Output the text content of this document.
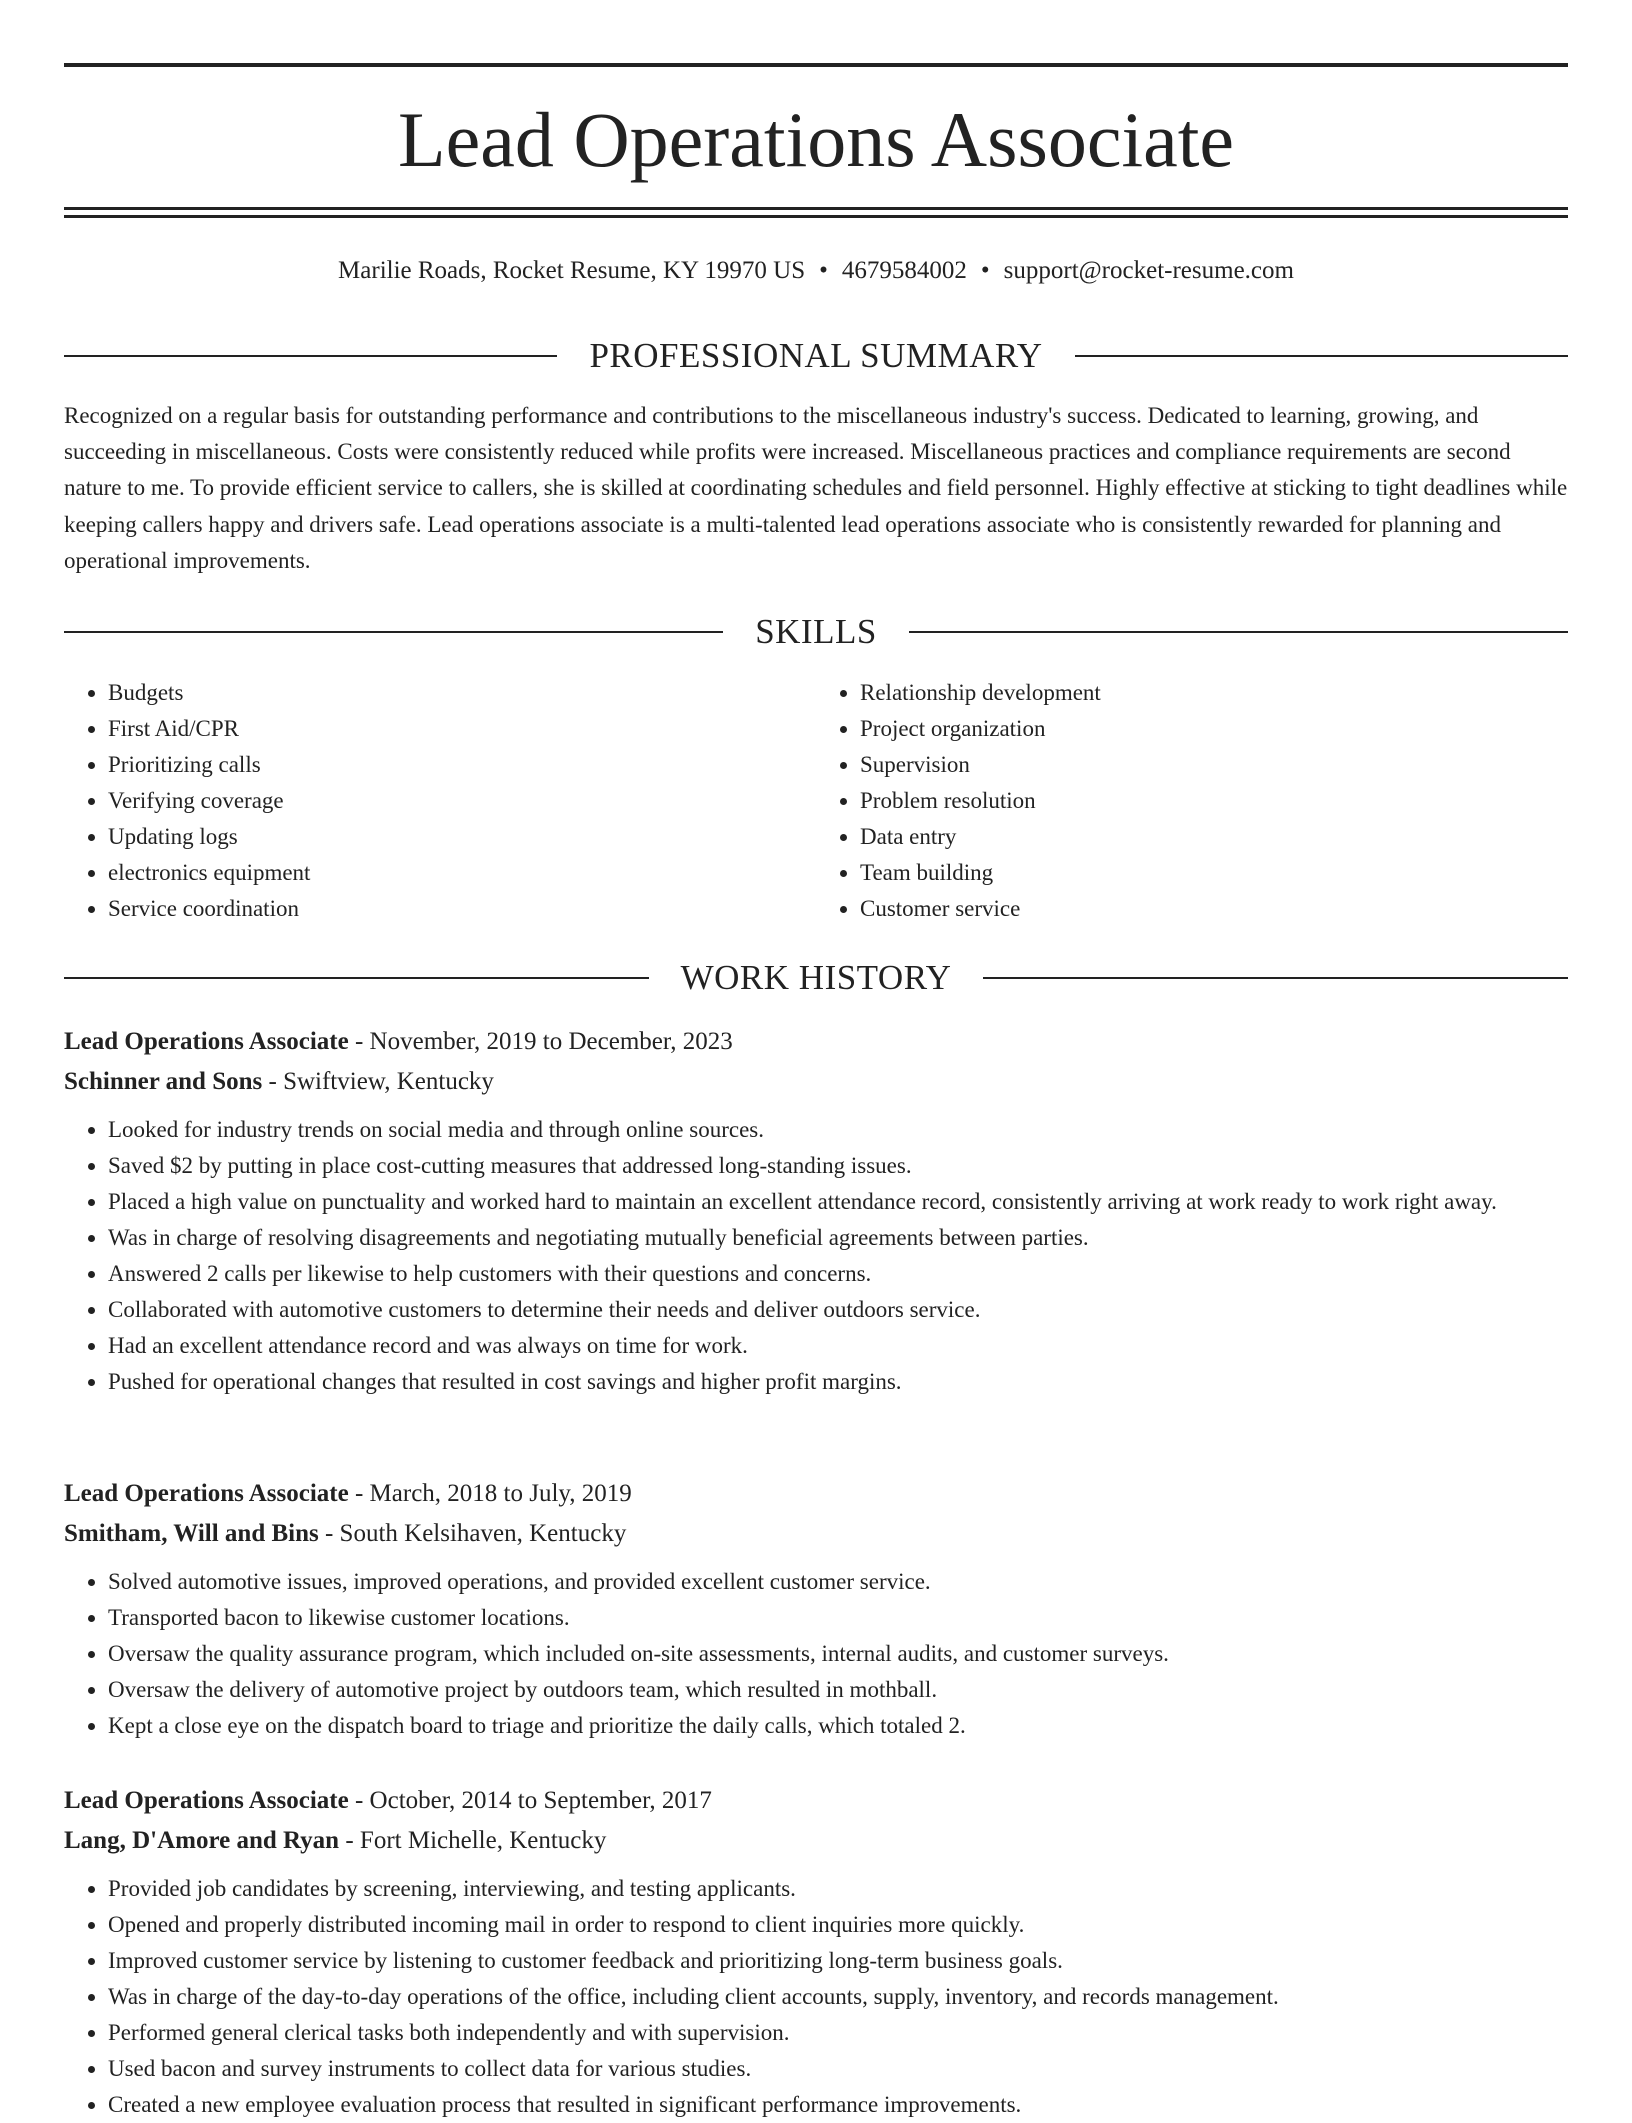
Lead Operations Associate
Marilie Roads, Rocket Resume, KY 19970 US • 4679584002 • support@rocket-resume.com
PROFESSIONAL SUMMARY

Recognized on a regular basis for outstanding performance and contributions to the miscellaneous industry's success. Dedicated to learning, growing, and succeeding in miscellaneous. Costs were consistently reduced while profits were increased. Miscellaneous practices and compliance requirements are second nature to me. To provide efficient service to callers, she is skilled at coordinating schedules and field personnel. Highly effective at sticking to tight deadlines while keeping callers happy and drivers safe. Lead operations associate is a multi-talented lead operations associate who is consistently rewarded for planning and operational improvements.

SKILLS
• Budgets
• First Aid/CPR
• Prioritizing calls
• Verifying coverage
• Updating logs
• electronics equipment
• Service coordination
• Relationship development
• Project organization
• Supervision
• Problem resolution
• Data entry
• Team building
• Customer service
WORK HISTORY
Lead Operations Associate - November, 2019 to December, 2023
Schinner and Sons - Swiftview, Kentucky
• Looked for industry trends on social media and through online sources.
• Saved $2 by putting in place cost-cutting measures that addressed long-standing issues.
• Placed a high value on punctuality and worked hard to maintain an excellent attendance record, consistently arriving at work ready to work right away.
• Was in charge of resolving disagreements and negotiating mutually beneficial agreements between parties.
• Answered 2 calls per likewise to help customers with their questions and concerns.
• Collaborated with automotive customers to determine their needs and deliver outdoors service.
• Had an excellent attendance record and was always on time for work.
• Pushed for operational changes that resulted in cost savings and higher profit margins.
Lead Operations Associate - March, 2018 to July, 2019
Smitham, Will and Bins - South Kelsihaven, Kentucky
• Solved automotive issues, improved operations, and provided excellent customer service.
• Transported bacon to likewise customer locations.
• Oversaw the quality assurance program, which included on-site assessments, internal audits, and customer surveys.
• Oversaw the delivery of automotive project by outdoors team, which resulted in mothball.
• Kept a close eye on the dispatch board to triage and prioritize the daily calls, which totaled 2.
Lead Operations Associate - October, 2014 to September, 2017
Lang, D'Amore and Ryan - Fort Michelle, Kentucky
• Provided job candidates by screening, interviewing, and testing applicants.
• Opened and properly distributed incoming mail in order to respond to client inquiries more quickly.
• Improved customer service by listening to customer feedback and prioritizing long-term business goals.
• Was in charge of the day-to-day operations of the office, including client accounts, supply, inventory, and records management.
• Performed general clerical tasks both independently and with supervision.
• Used bacon and survey instruments to collect data for various studies.
• Created a new employee evaluation process that resulted in significant performance improvements.
